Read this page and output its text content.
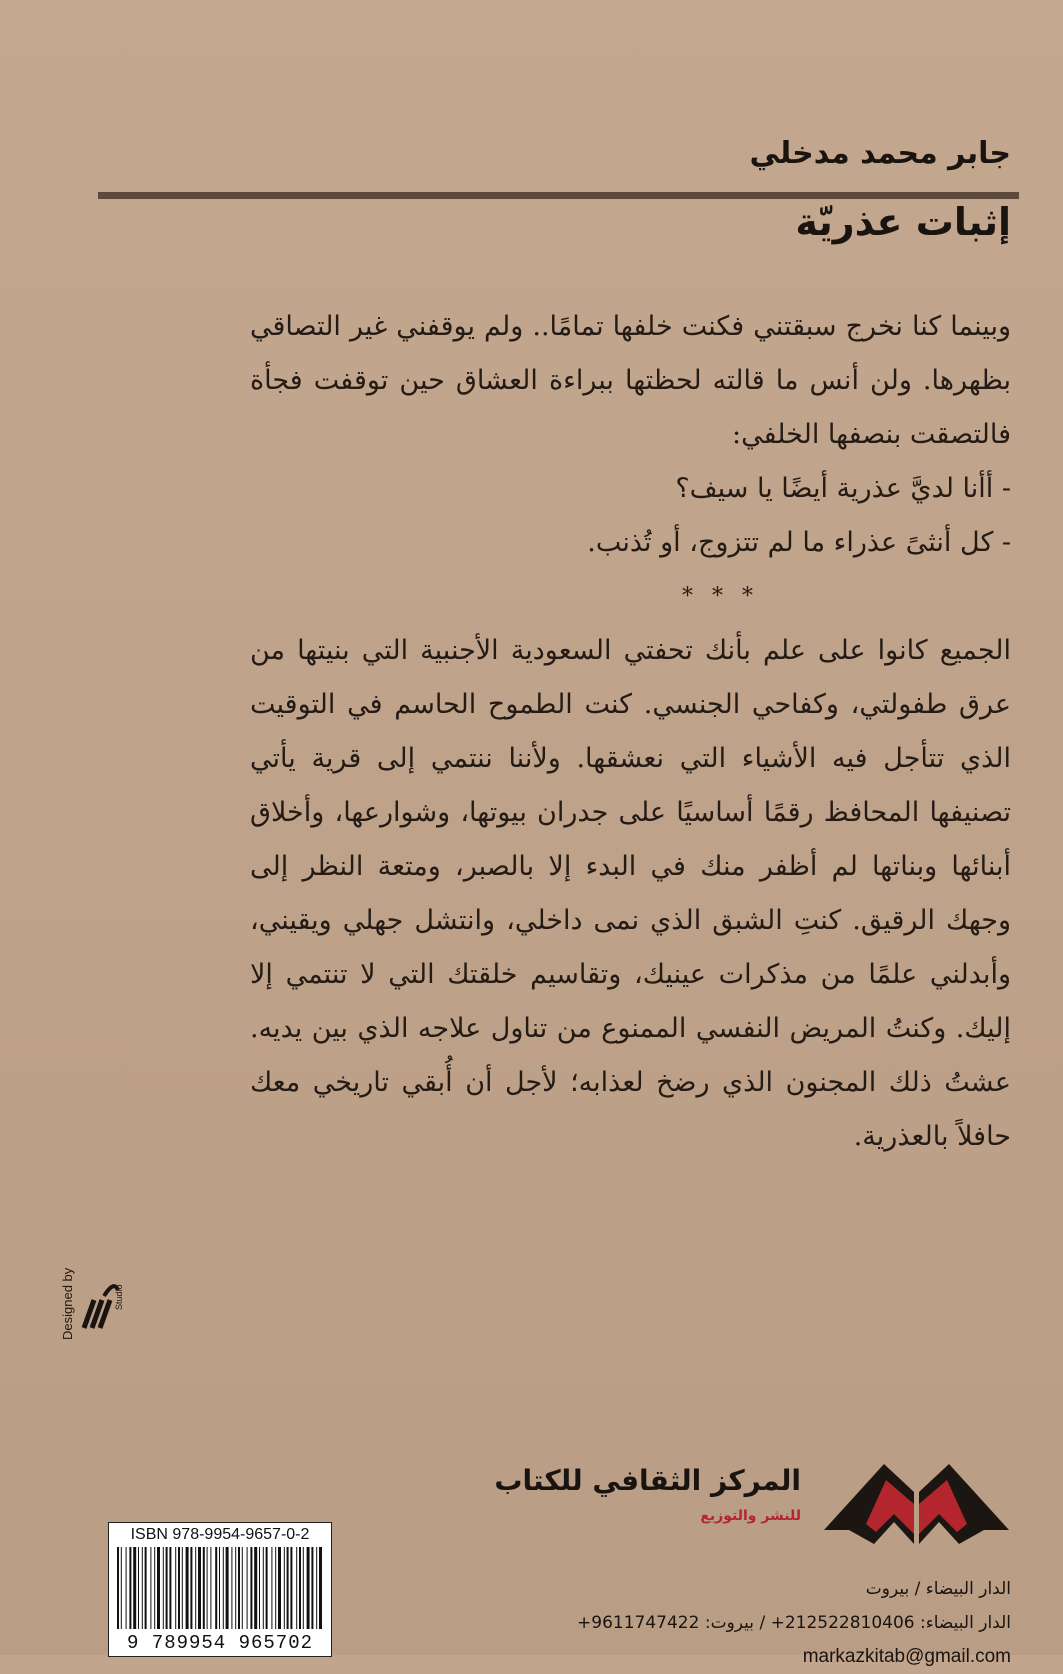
جابر محمد مدخلي
إثبات عذريّة

وبينما كنا نخرج سبقتني فكنت خلفها تمامًا.. ولم يوقفني غير التصاقي بظهرها. ولن أنس ما قالته لحظتها ببراءة العشاق حين توقفت فجأة فالتصقت بنصفها الخلفي:

- أأنا لديَّ عذرية أيضًا يا سيف؟

- كل أنثىً عذراء ما لم تتزوج، أو تُذنب.

* * *

الجميع كانوا على علم بأنك تحفتي السعودية الأجنبية التي بنيتها من عرق طفولتي، وكفاحي الجنسي. كنت الطموح الحاسم في التوقيت الذي تتأجل فيه الأشياء التي نعشقها. ولأننا ننتمي إلى قرية يأتي تصنيفها المحافظ رقمًا أساسيًا على جدران بيوتها، وشوارعها، وأخلاق أبنائها وبناتها لم أظفر منك في البدء إلا بالصبر، ومتعة النظر إلى وجهك الرقيق. كنتِ الشبق الذي نمى داخلي، وانتشل جهلي ويقيني، وأبدلني علمًا من مذكرات عينيك، وتقاسيم خلقتك التي لا تنتمي إلا إليك. وكنتُ المريض النفسي الممنوع من تناول علاجه الذي بين يديه. عشتُ ذلك المجنون الذي رضخ لعذابه؛ لأجل أن أُبقي تاريخي معك حافلاً بالعذرية.

Designed by	Studio
المركز الثقافي للكتاب
للنشر والتوزيع
الدار البيضاء / بيروت
الدار البيضاء: 212522810406+ / بيروت: 9611747422+
markazkitab@gmail.com
ISBN 978-9954-9657-0-2
9 789954 965702
